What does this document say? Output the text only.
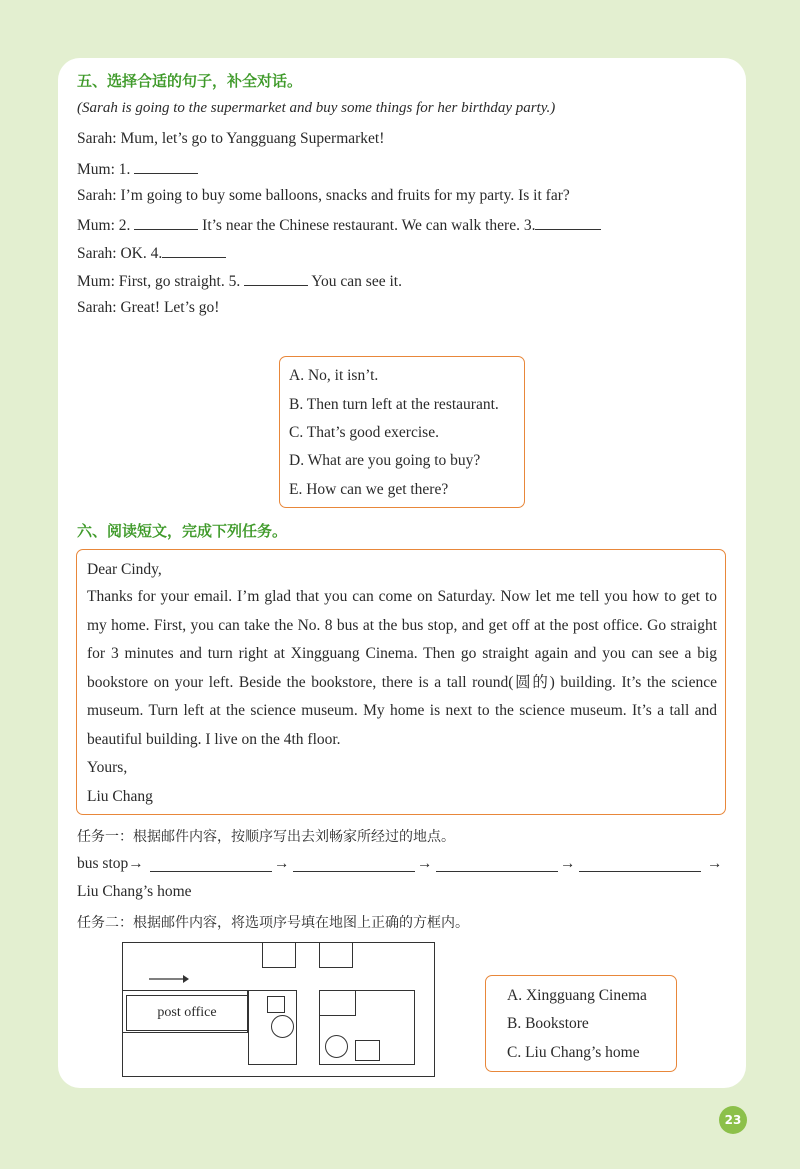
五、选择合适的句子，补全对话。
(Sarah is going to the supermarket and buy some things for her birthday party.)
Sarah: Mum, let’s go to Yangguang Supermarket!
Mum: 1.
Sarah: I’m going to buy some balloons, snacks and fruits for my party. Is it far?
Mum: 2.	It’s near the Chinese restaurant. We can walk there. 3.
Sarah: OK. 4.
Mum: First, go straight. 5.	You can see it.
Sarah: Great! Let’s go!
A. No, it isn’t.
B. Then turn left at the restaurant.
C. That’s good exercise.
D. What are you going to buy?
E. How can we get there?
六、阅读短文，完成下列任务。
Dear Cindy,
Thanks for your email. I’m glad that you can come on Saturday. Now let me tell you how to get to my home. First, you can take the No. 8 bus at the bus stop, and get off at the post office. Go straight for 3 minutes and turn right at Xingguang Cinema. Then go straight again and you can see a big bookstore on your left. Beside the bookstore, there is a tall round(圆的) building. It’s the science museum. Turn left at the science museum. My home is next to the science museum. It’s a tall and beautiful building. I live on the 4th floor.
Yours,
Liu Chang
任务一：根据邮件内容，按顺序写出去刘畅家所经过的地点。
bus stop→	→	→	→	→
Liu Chang’s home
任务二：根据邮件内容，将选项序号填在地图上正确的方框内。
post office
A. Xingguang Cinema
B. Bookstore
C. Liu Chang’s home
23
